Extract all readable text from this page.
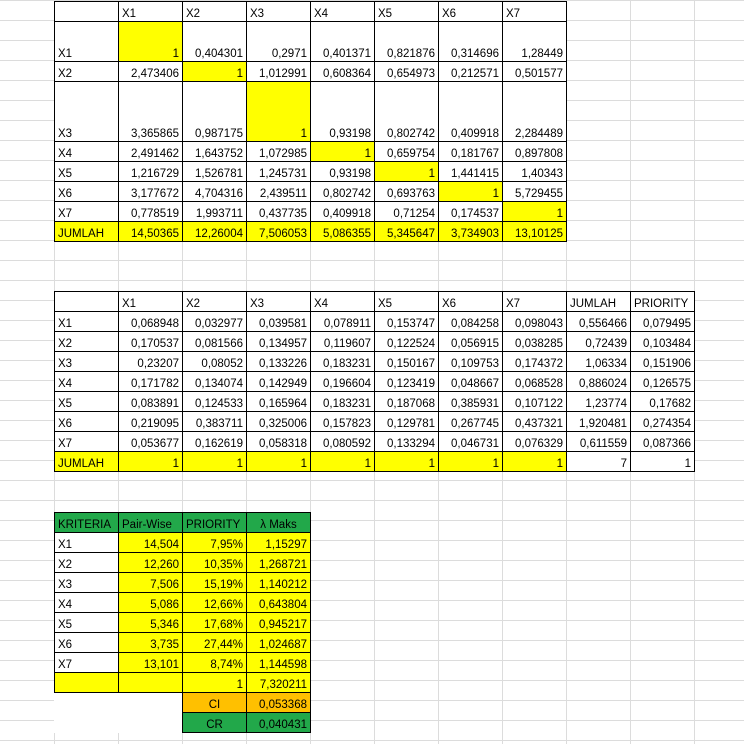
	X1	X2	X3	X4	X5	X6	X7
X1	1	0,404301	0,2971	0,401371	0,821876	0,314696	1,28449
X2	2,473406	1	1,012991	0,608364	0,654973	0,212571	0,501577
X3	3,365865	0,987175	1	0,93198	0,802742	0,409918	2,284489
X4	2,491462	1,643752	1,072985	1	0,659754	0,181767	0,897808
X5	1,216729	1,526781	1,245731	0,93198	1	1,441415	1,40343
X6	3,177672	4,704316	2,439511	0,802742	0,693763	1	5,729455
X7	0,778519	1,993711	0,437735	0,409918	0,71254	0,174537	1
JUMLAH	14,50365	12,26004	7,506053	5,086355	5,345647	3,734903	13,10125
	X1	X2	X3	X4	X5	X6	X7	JUMLAH	PRIORITY
X1	0,068948	0,032977	0,039581	0,078911	0,153747	0,084258	0,098043	0,556466	0,079495
X2	0,170537	0,081566	0,134957	0,119607	0,122524	0,056915	0,038285	0,72439	0,103484
X3	0,23207	0,08052	0,133226	0,183231	0,150167	0,109753	0,174372	1,06334	0,151906
X4	0,171782	0,134074	0,142949	0,196604	0,123419	0,048667	0,068528	0,886024	0,126575
X5	0,083891	0,124533	0,165964	0,183231	0,187068	0,385931	0,107122	1,23774	0,17682
X6	0,219095	0,383711	0,325006	0,157823	0,129781	0,267745	0,437321	1,920481	0,274354
X7	0,053677	0,162619	0,058318	0,080592	0,133294	0,046731	0,076329	0,611559	0,087366
JUMLAH	1	1	1	1	1	1	1	7	1
KRITERIA	Pair-Wise	PRIORITY	λ Maks
X1	14,504	7,95%	1,15297
X2	12,260	10,35%	1,268721
X3	7,506	15,19%	1,140212
X4	5,086	12,66%	0,643804
X5	5,346	17,68%	0,945217
X6	3,735	27,44%	1,024687
X7	13,101	8,74%	1,144598
		1	7,320211
		CI	0,053368
		CR	0,040431
